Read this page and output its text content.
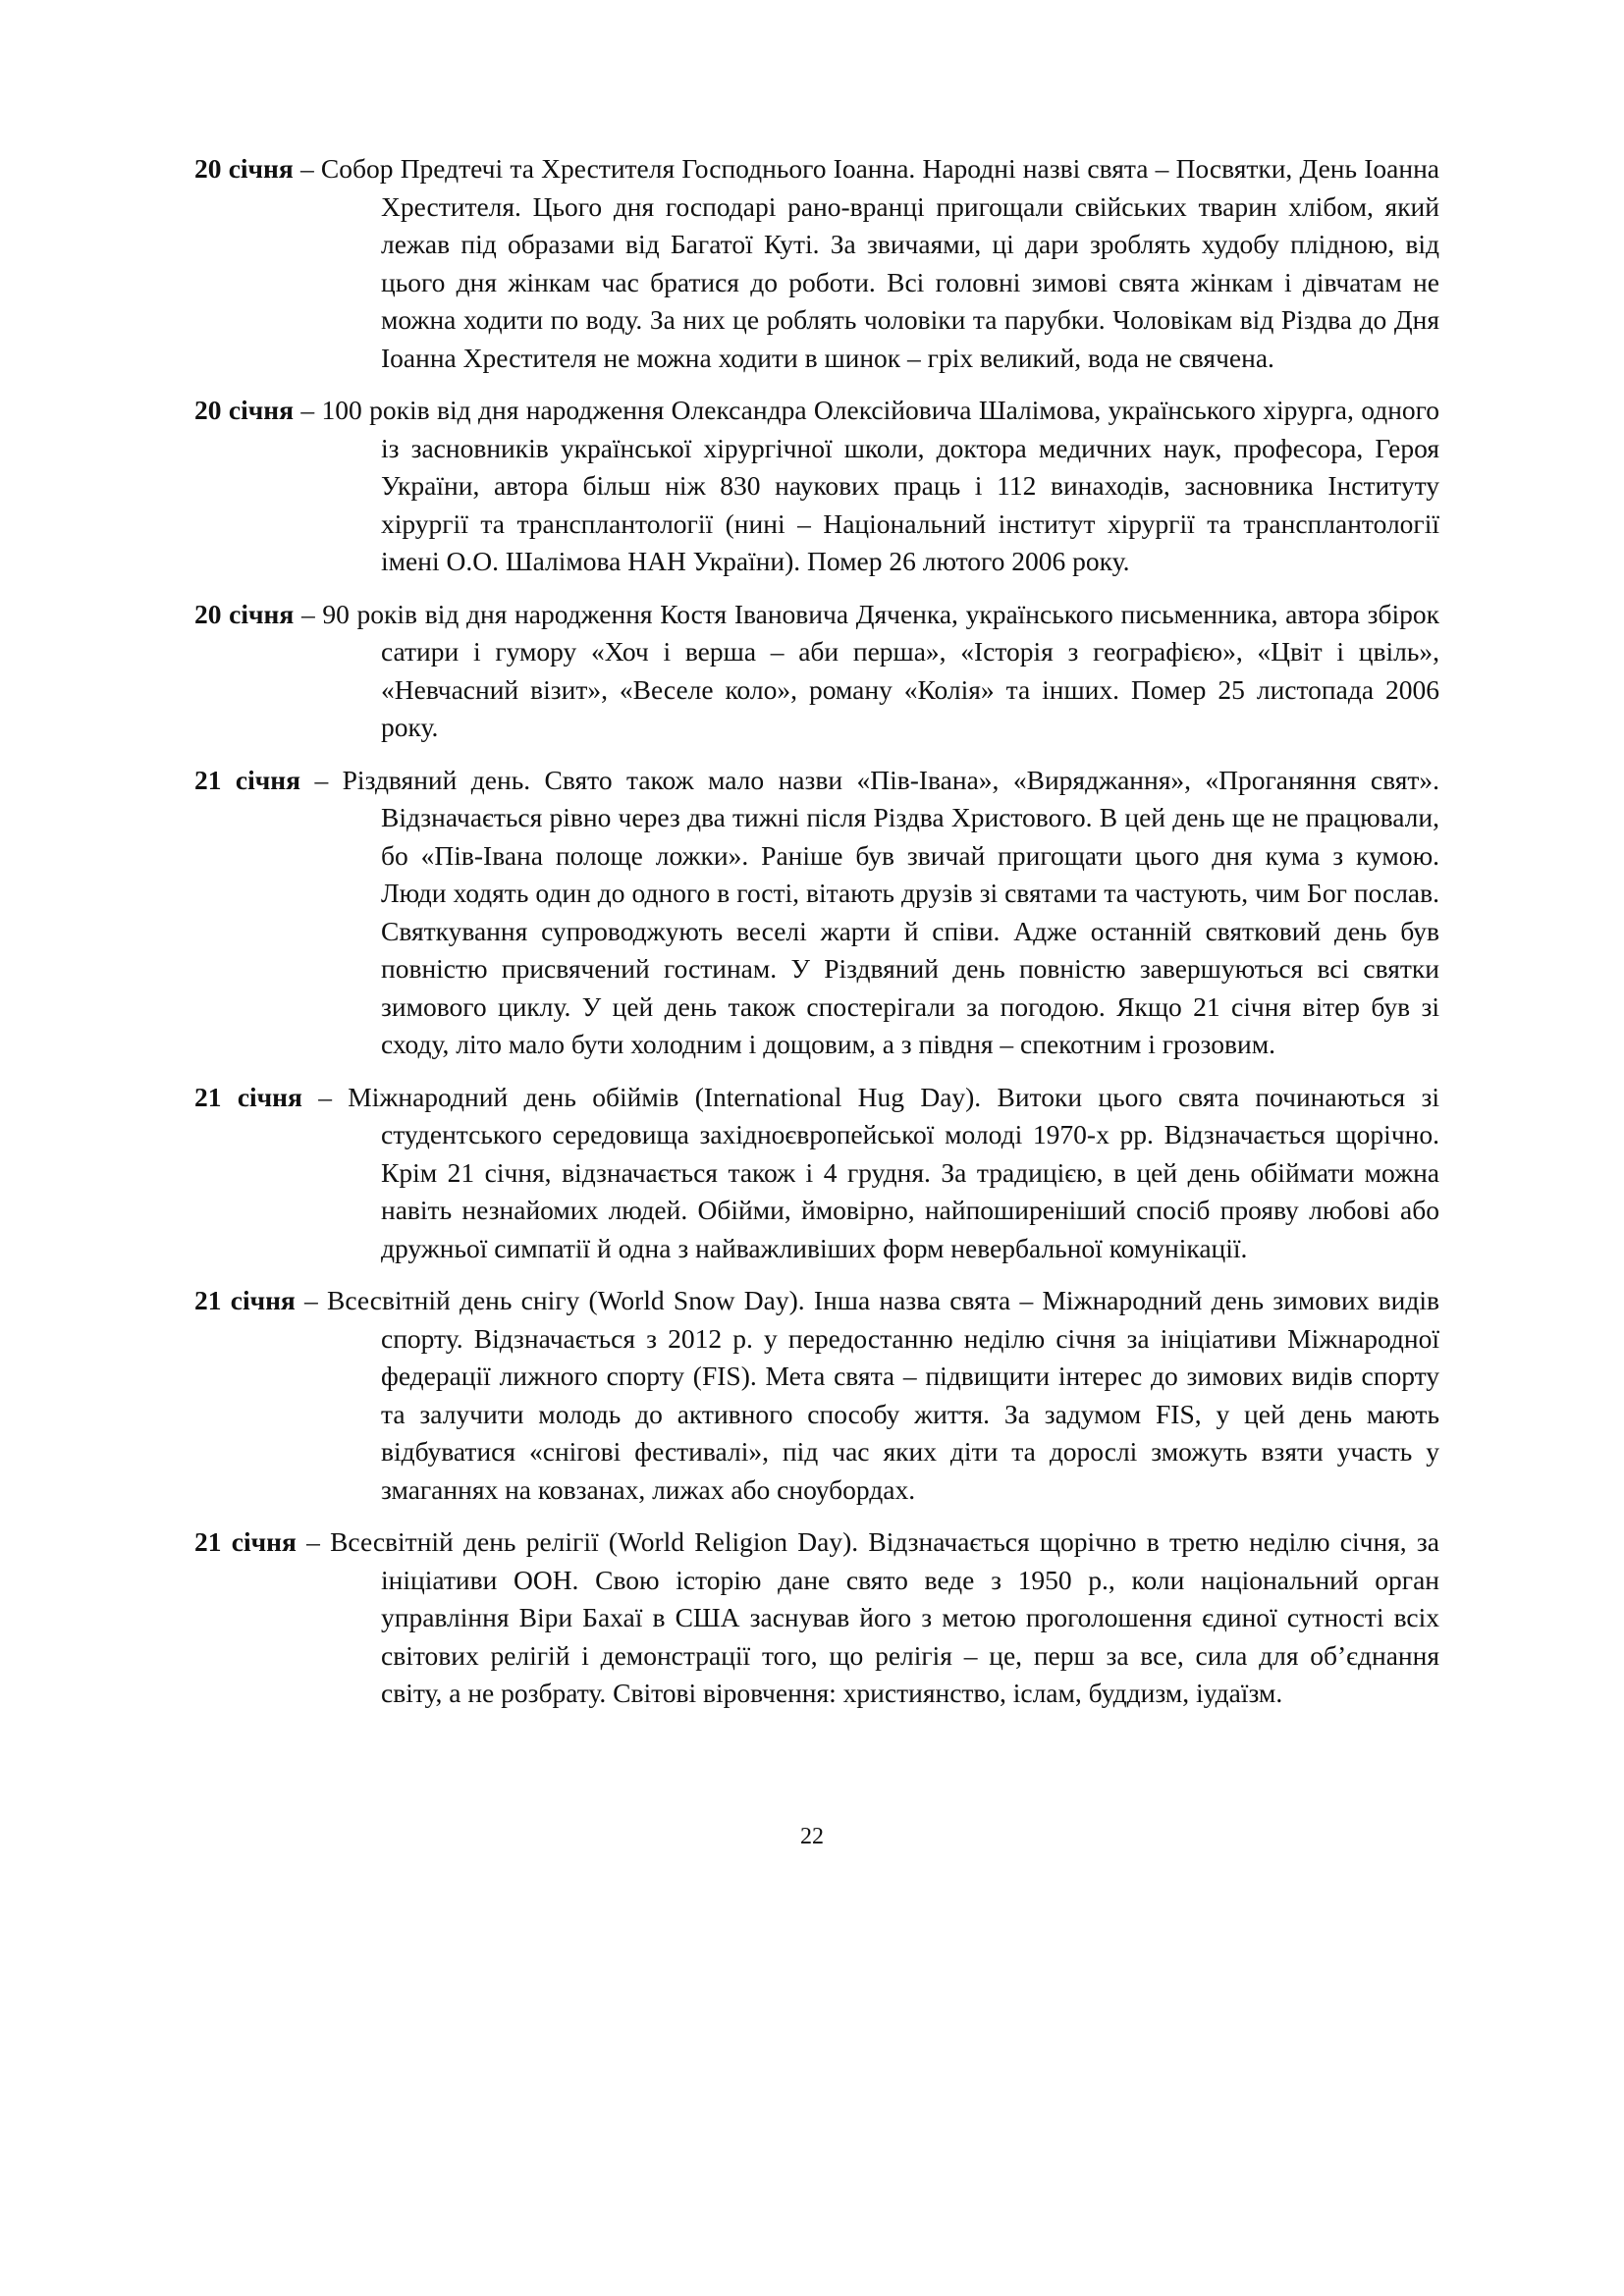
20 січня – Собор Предтечі та Хрестителя Господнього Іоанна. Народні назві свята – Посвятки, День Іоанна Хрестителя. Цього дня господарі рано-вранці пригощали свійських тварин хлібом, який лежав під образами від Багатої Куті. За звичаями, ці дари зроблять худобу плідною, від цього дня жінкам час братися до роботи. Всі головні зимові свята жінкам і дівчатам не можна ходити по воду. За них це роблять чоловіки та парубки. Чоловікам від Різдва до Дня Іоанна Хрестителя не можна ходити в шинок – гріх великий, вода не свячена.

20 січня – 100 років від дня народження Олександра Олексійовича Шалімова, українського хірурга, одного із засновників української хірургічної школи, доктора медичних наук, професора, Героя України, автора більш ніж 830 наукових праць і 112 винаходів, засновника Інституту хірургії та трансплантології (нині – Національний інститут хірургії та трансплантології імені О.О. Шалімова НАН України). Помер 26 лютого 2006 року.

20 січня – 90 років від дня народження Костя Івановича Дяченка, українського письменника, автора збірок сатири і гумору «Хоч і верша – аби перша», «Історія з географією», «Цвіт і цвіль», «Невчасний візит», «Веселе коло», роману «Колія» та інших. Помер 25 листопада 2006 року.

21 січня – Різдвяний день. Свято також мало назви «Пів-Івана», «Виряджання», «Проганяння свят». Відзначається рівно через два тижні після Різдва Христового. В цей день ще не працювали, бо «Пів-Івана полоще ложки». Раніше був звичай пригощати цього дня кума з кумою. Люди ходять один до одного в гості, вітають друзів зі святами та частують, чим Бог послав. Святкування супроводжують веселі жарти й співи. Адже останній святковий день був повністю присвячений гостинам. У Різдвяний день повністю завершуються всі святки зимового циклу. У цей день також спостерігали за погодою. Якщо 21 січня вітер був зі сходу, літо мало бути холодним і дощовим, а з півдня – спекотним і грозовим.

21 січня – Міжнародний день обіймів (International Hug Day). Витоки цього свята починаються зі студентського середовища західноєвропейської молоді 1970-х рр. Відзначається щорічно. Крім 21 січня, відзначається також і 4 грудня. За традицією, в цей день обіймати можна навіть незнайомих людей. Обійми, ймовірно, найпоширеніший спосіб прояву любові або дружньої симпатії й одна з найважливіших форм невербальної комунікації.

21 січня – Всесвітній день снігу (World Snow Day). Інша назва свята – Міжнародний день зимових видів спорту. Відзначається з 2012 р. у передостанню неділю січня за ініціативи Міжнародної федерації лижного спорту (FIS). Мета свята – підвищити інтерес до зимових видів спорту та залучити молодь до активного способу життя. За задумом FIS, у цей день мають відбуватися «снігові фестивалі», під час яких діти та дорослі зможуть взяти участь у змаганнях на ковзанах, лижах або сноубордах.

21 січня – Всесвітній день релігії (World Religion Day). Відзначається щорічно в третю неділю січня, за ініціативи ООН. Свою історію дане свято веде з 1950 р., коли національний орган управління Віри Бахаї в США заснував його з метою проголошення єдиної сутності всіх світових релігій і демонстрації того, що релігія – це, перш за все, сила для об’єднання світу, а не розбрату. Світові віровчення: християнство, іслам, буддизм, іудаїзм.

22
